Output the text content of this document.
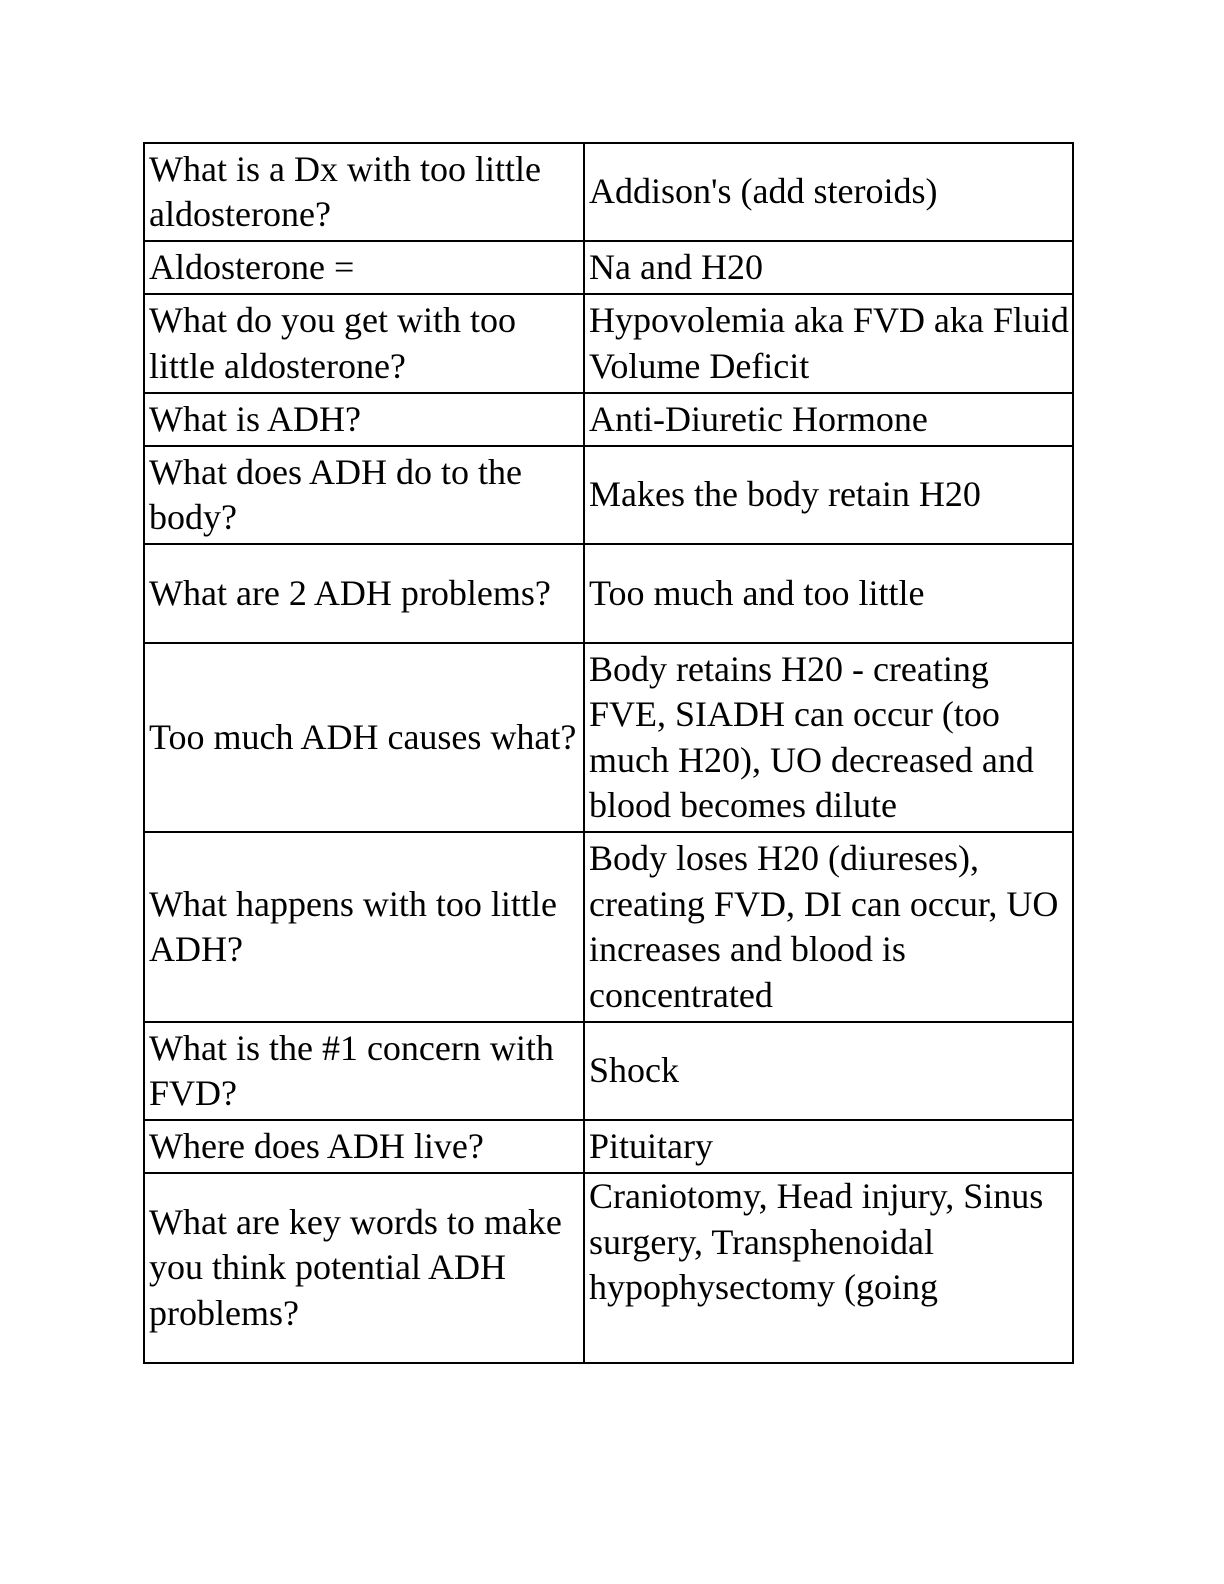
What is a Dx with too little aldosterone?	Addison's (add steroids)
Aldosterone =	Na and H20
What do you get with too little aldosterone?	Hypovolemia aka FVD aka Fluid Volume Deficit
What is ADH?	Anti-Diuretic Hormone
What does ADH do to the body?	Makes the body retain H20
What are 2 ADH problems?	Too much and too little
Too much ADH causes what?	Body retains H20 - creating FVE, SIADH can occur (too much H20), UO decreased and blood becomes dilute
What happens with too little ADH?	Body loses H20 (diureses), creating FVD, DI can occur, UO increases and blood is concentrated
What is the #1 concern with FVD?	Shock
Where does ADH live?	Pituitary
What are key words to make you think potential ADH problems?	Craniotomy, Head injury, Sinus surgery, Transphenoidal hypophysectomy (going
